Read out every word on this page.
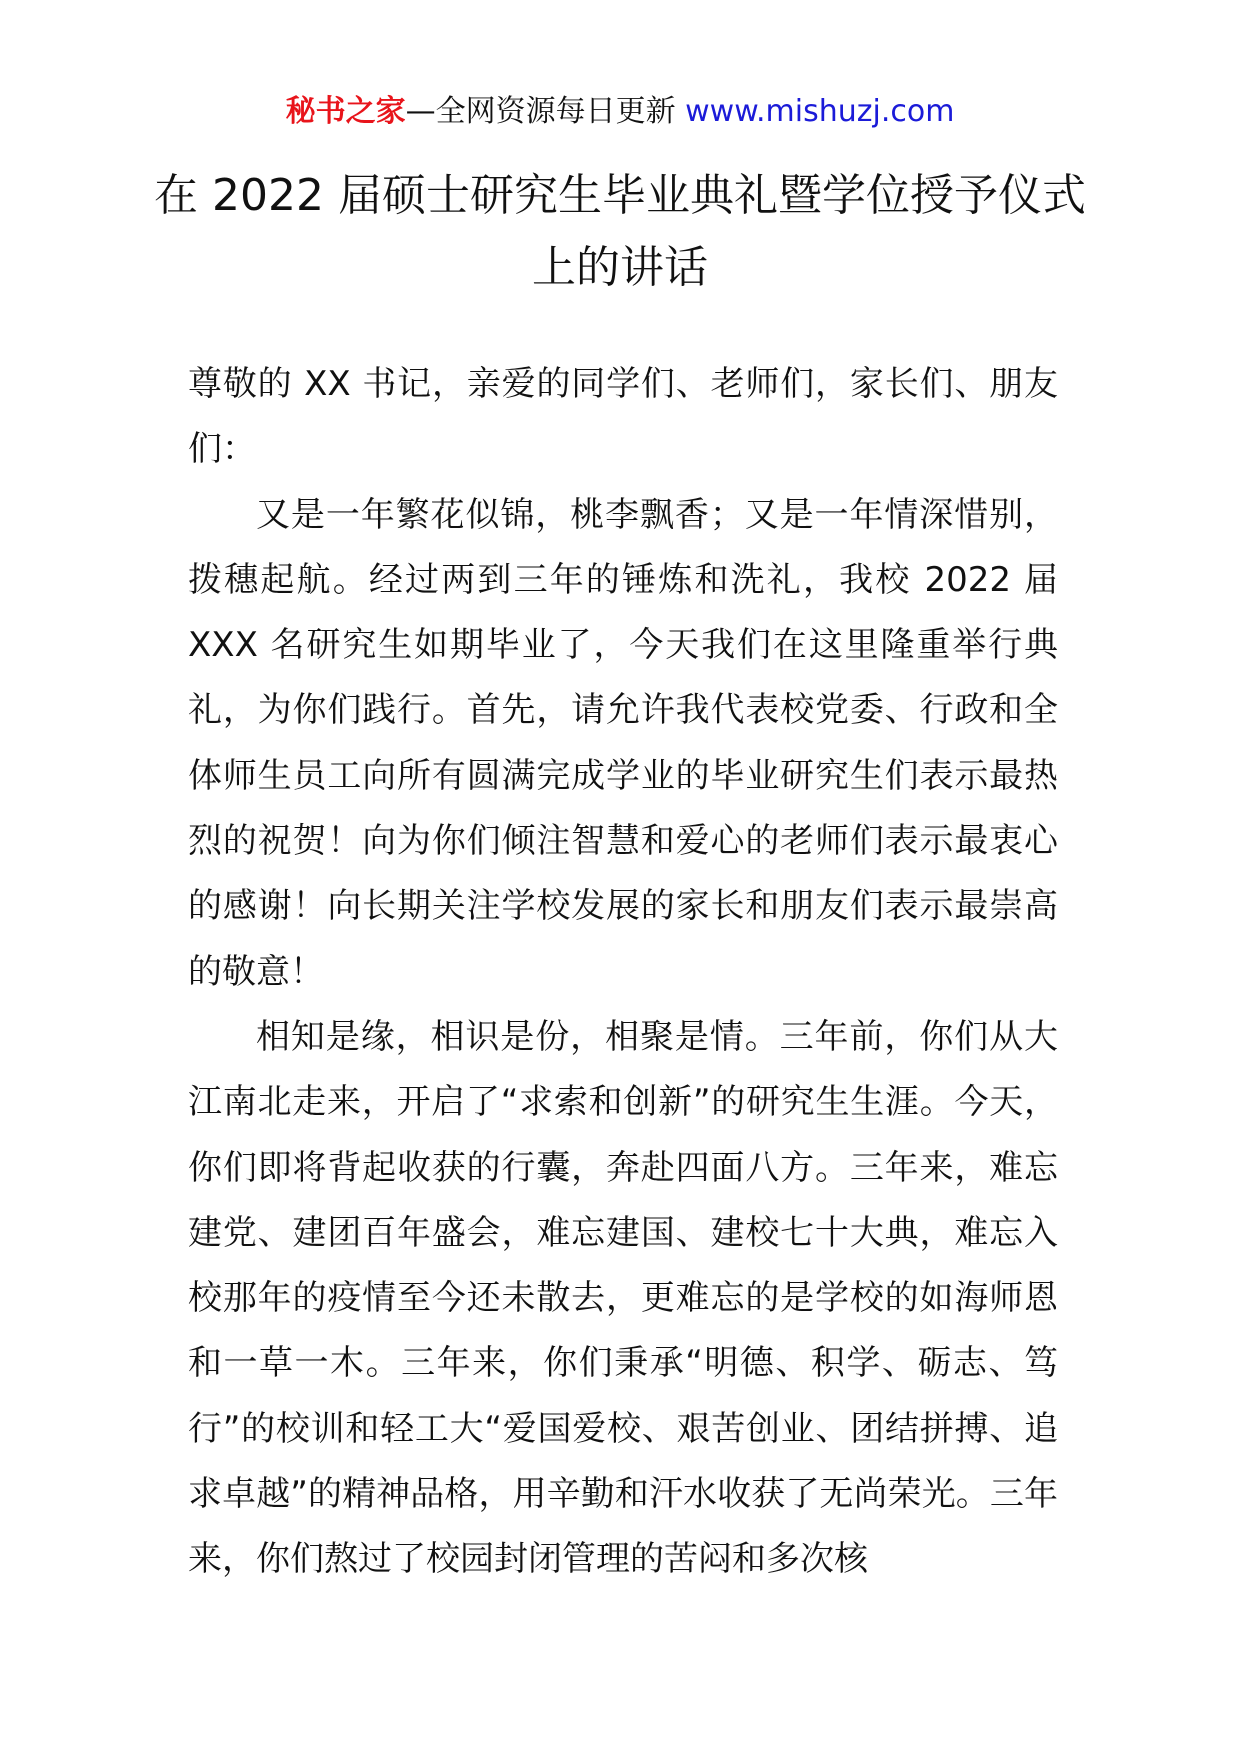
秘书之家—全网资源每日更新 www.mishuzj.com
在 2022 届硕士研究生毕业典礼暨学位授予仪式上的讲话

尊敬的 XX 书记，亲爱的同学们、老师们，家长们、朋友们：

又是一年繁花似锦，桃李飘香；又是一年情深惜别，拨穗起航。经过两到三年的锤炼和洗礼，我校 2022 届 XXX 名研究生如期毕业了，今天我们在这里隆重举行典礼，为你们践行。首先，请允许我代表校党委、行政和全体师生员工向所有圆满完成学业的毕业研究生们表示最热烈的祝贺！向为你们倾注智慧和爱心的老师们表示最衷心的感谢！向长期关注学校发展的家长和朋友们表示最崇高的敬意！

相知是缘，相识是份，相聚是情。三年前，你们从大江南北走来，开启了“求索和创新”的研究生生涯。今天，你们即将背起收获的行囊，奔赴四面八方。三年来，难忘建党、建团百年盛会，难忘建国、建校七十大典，难忘入校那年的疫情至今还未散去，更难忘的是学校的如海师恩和一草一木。三年来，你们秉承“明德、积学、砺志、笃行”的校训和轻工大“爱国爱校、艰苦创业、团结拼搏、追求卓越”的精神品格，用辛勤和汗水收获了无尚荣光。三年来，你们熬过了校园封闭管理的苦闷和多次核
